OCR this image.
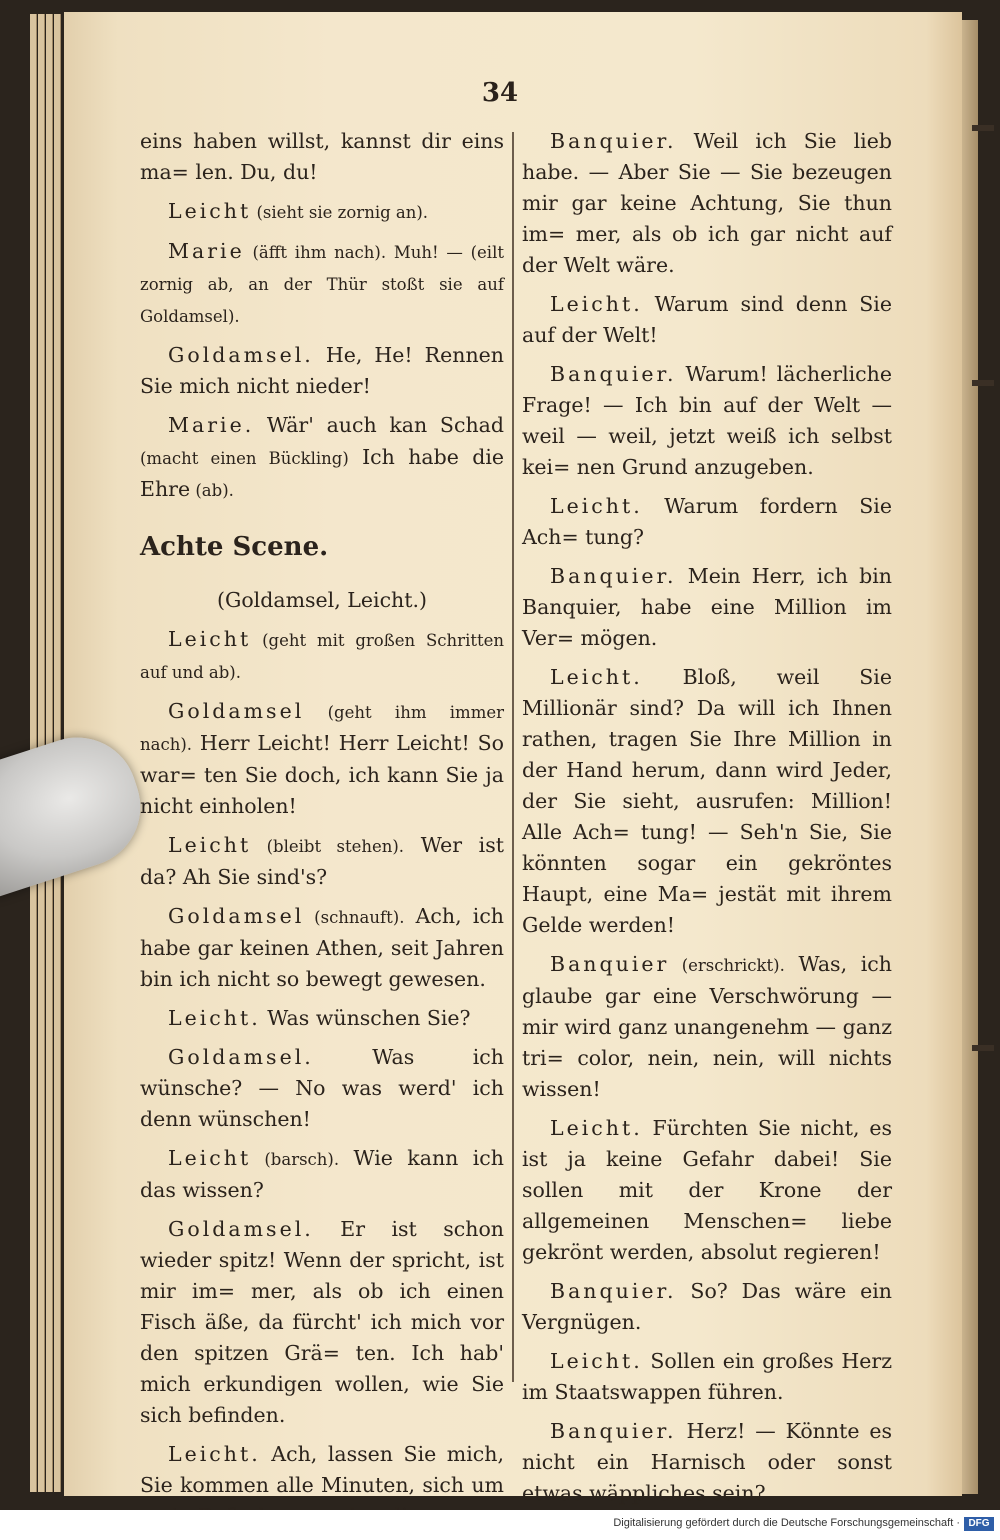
34

eins haben willst, kannst dir eins ma= len. Du, du!

Leicht (sieht sie zornig an).

Marie (äfft ihm nach). Muh! — (eilt zornig ab, an der Thür stoßt sie auf Goldamsel).

Goldamsel. He, He! Rennen Sie mich nicht nieder!

Marie. Wär' auch kan Schad (macht einen Bückling) Ich habe die Ehre (ab).

Achte Scene.

(Goldamsel, Leicht.)

Leicht (geht mit großen Schritten auf und ab).

Goldamsel (geht ihm immer nach). Herr Leicht! Herr Leicht! So war= ten Sie doch, ich kann Sie ja nicht einholen!

Leicht (bleibt stehen). Wer ist da? Ah Sie sind's?

Goldamsel (schnauft). Ach, ich habe gar keinen Athen, seit Jahren bin ich nicht so bewegt gewesen.

Leicht. Was wünschen Sie?

Goldamsel. Was ich wünsche? — No was werd' ich denn wünschen!

Leicht (barsch). Wie kann ich das wissen?

Goldamsel. Er ist schon wieder spitz! Wenn der spricht, ist mir im= mer, als ob ich einen Fisch äße, da fürcht' ich mich vor den spitzen Grä= ten. Ich hab' mich erkundigen wollen, wie Sie sich befinden.

Leicht. Ach, lassen Sie mich, Sie kommen alle Minuten, sich um

Banquier. Weil ich Sie lieb habe. — Aber Sie — Sie bezeugen mir gar keine Achtung, Sie thun im= mer, als ob ich gar nicht auf der Welt wäre.

Leicht. Warum sind denn Sie auf der Welt!

Banquier. Warum! lächerliche Frage! — Ich bin auf der Welt — weil — weil, jetzt weiß ich selbst kei= nen Grund anzugeben.

Leicht. Warum fordern Sie Ach= tung?

Banquier. Mein Herr, ich bin Banquier, habe eine Million im Ver= mögen.

Leicht. Bloß, weil Sie Millionär sind? Da will ich Ihnen rathen, tragen Sie Ihre Million in der Hand herum, dann wird Jeder, der Sie sieht, ausrufen: Million! Alle Ach= tung! — Seh'n Sie, Sie könnten sogar ein gekröntes Haupt, eine Ma= jestät mit ihrem Gelde werden!

Banquier (erschrickt). Was, ich glaube gar eine Verschwörung — mir wird ganz unangenehm — ganz tri= color, nein, nein, will nichts wissen!

Leicht. Fürchten Sie nicht, es ist ja keine Gefahr dabei! Sie sollen mit der Krone der allgemeinen Menschen= liebe gekrönt werden, absolut regieren!

Banquier. So? Das wäre ein Vergnügen.

Leicht. Sollen ein großes Herz im Staatswappen führen.

Banquier. Herz! — Könnte es nicht ein Harnisch oder sonst etwas wäppliches sein?

Digitalisierung gefördert durch die Deutsche Forschungsgemeinschaft · DFG
